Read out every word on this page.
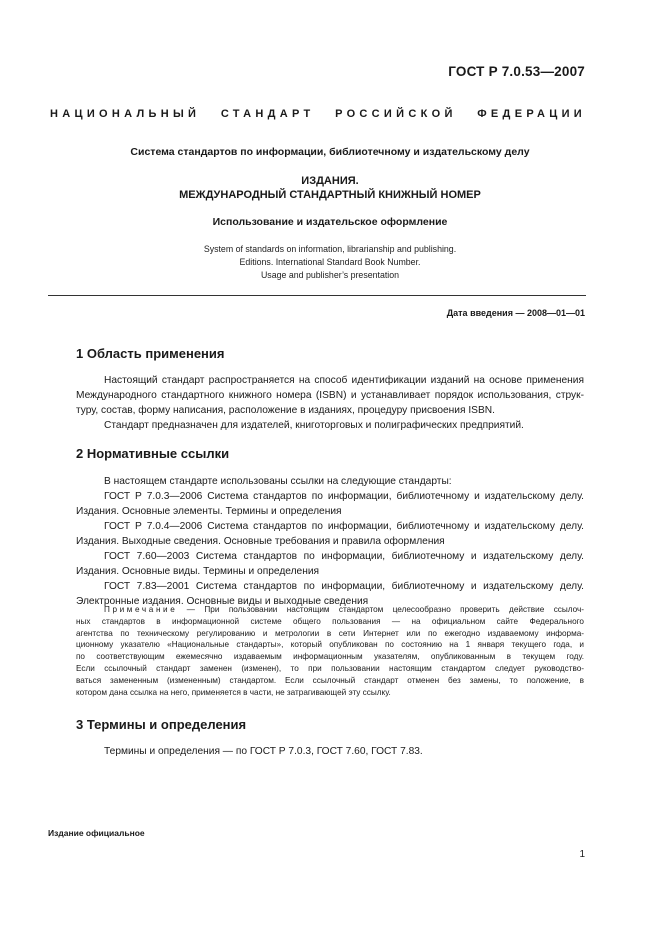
ГОСТ Р 7.0.53—2007
НАЦИОНАЛЬНЫЙ СТАНДАРТ РОССИЙСКОЙ ФЕДЕРАЦИИ
Система стандартов по информации, библиотечному и издательскому делу
ИЗДАНИЯ.
МЕЖДУНАРОДНЫЙ СТАНДАРТНЫЙ КНИЖНЫЙ НОМЕР
Использование и издательское оформление
System of standards on information, librarianship and publishing.
Editions. International Standard Book Number.
Usage and publisher’s presentation
Дата введения — 2008—01—01
1 Область применения
Настоящий стандарт распространяется на способ идентификации изданий на основе применения
Международного стандартного книжного номера (ISBN) и устанавливает порядок использования, струк-
туру, состав, форму написания, расположение в изданиях, процедуру присвоения ISBN.
Стандарт предназначен для издателей, книготорговых и полиграфических предприятий.
2 Нормативные ссылки
В настоящем стандарте использованы ссылки на следующие стандарты:
ГОСТ Р 7.0.3—2006 Система стандартов по информации, библиотечному и издательскому делу.
Издания. Основные элементы. Термины и определения
ГОСТ Р 7.0.4—2006 Система стандартов по информации, библиотечному и издательскому делу.
Издания. Выходные сведения. Основные требования и правила оформления
ГОСТ 7.60—2003 Система стандартов по информации, библиотечному и издательскому делу.
Издания. Основные виды. Термины и определения
ГОСТ 7.83—2001 Система стандартов по информации, библиотечному и издательскому делу.
Электронные издания. Основные виды и выходные сведения
Примечание — При пользовании настоящим стандартом целесообразно проверить действие ссылоч-
ных стандартов в информационной системе общего пользования — на официальном сайте Федерального
агентства по техническому регулированию и метрологии в сети Интернет или по ежегодно издаваемому информа-
ционному указателю «Национальные стандарты», который опубликован по состоянию на 1 января текущего года, и
по соответствующим ежемесячно издаваемым информационным указателям, опубликованным в текущем году.
Если ссылочный стандарт заменен (изменен), то при пользовании настоящим стандартом следует руководство-
ваться замененным (измененным) стандартом. Если ссылочный стандарт отменен без замены, то положение, в
котором дана ссылка на него, применяется в части, не затрагивающей эту ссылку.
3 Термины и определения
Термины и определения — по ГОСТ Р 7.0.3, ГОСТ 7.60, ГОСТ 7.83.
Издание официальное
1
